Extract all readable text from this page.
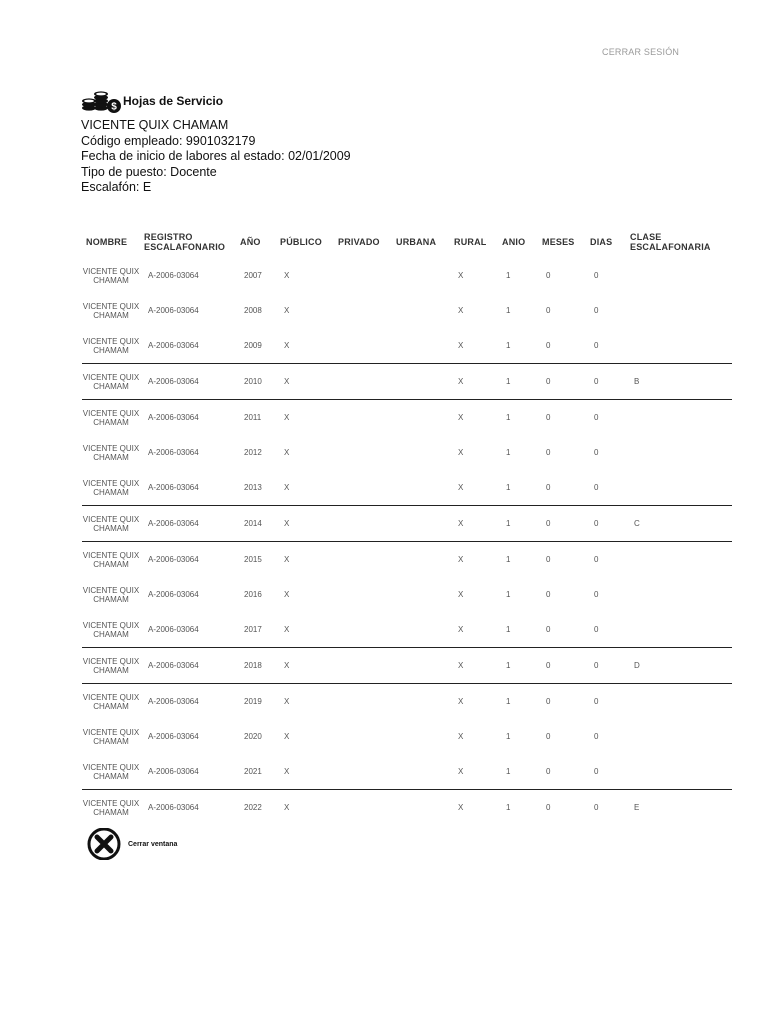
CERRAR SESIÓN
$ Hojas de Servicio
VICENTE QUIX CHAMAM
Código empleado: 9901032179
Fecha de inicio de labores al estado: 02/01/2009
Tipo de puesto: Docente
Escalafón: E
NOMBRE	REGISTRO ESCALAFONARIO	AÑO	PÚBLICO	PRIVADO	URBANA	RURAL	ANIO	MESES	DIAS	CLASE ESCALAFONARIA
VICENTE QUIX CHAMAM	A-2006-03064	2007	X			X	1	0	0	
VICENTE QUIX CHAMAM	A-2006-03064	2008	X			X	1	0	0	
VICENTE QUIX CHAMAM	A-2006-03064	2009	X			X	1	0	0	
VICENTE QUIX CHAMAM	A-2006-03064	2010	X			X	1	0	0	B
VICENTE QUIX CHAMAM	A-2006-03064	2011	X			X	1	0	0	
VICENTE QUIX CHAMAM	A-2006-03064	2012	X			X	1	0	0	
VICENTE QUIX CHAMAM	A-2006-03064	2013	X			X	1	0	0	
VICENTE QUIX CHAMAM	A-2006-03064	2014	X			X	1	0	0	C
VICENTE QUIX CHAMAM	A-2006-03064	2015	X			X	1	0	0	
VICENTE QUIX CHAMAM	A-2006-03064	2016	X			X	1	0	0	
VICENTE QUIX CHAMAM	A-2006-03064	2017	X			X	1	0	0	
VICENTE QUIX CHAMAM	A-2006-03064	2018	X			X	1	0	0	D
VICENTE QUIX CHAMAM	A-2006-03064	2019	X			X	1	0	0	
VICENTE QUIX CHAMAM	A-2006-03064	2020	X			X	1	0	0	
VICENTE QUIX CHAMAM	A-2006-03064	2021	X			X	1	0	0	
VICENTE QUIX CHAMAM	A-2006-03064	2022	X			X	1	0	0	E
Cerrar ventana
